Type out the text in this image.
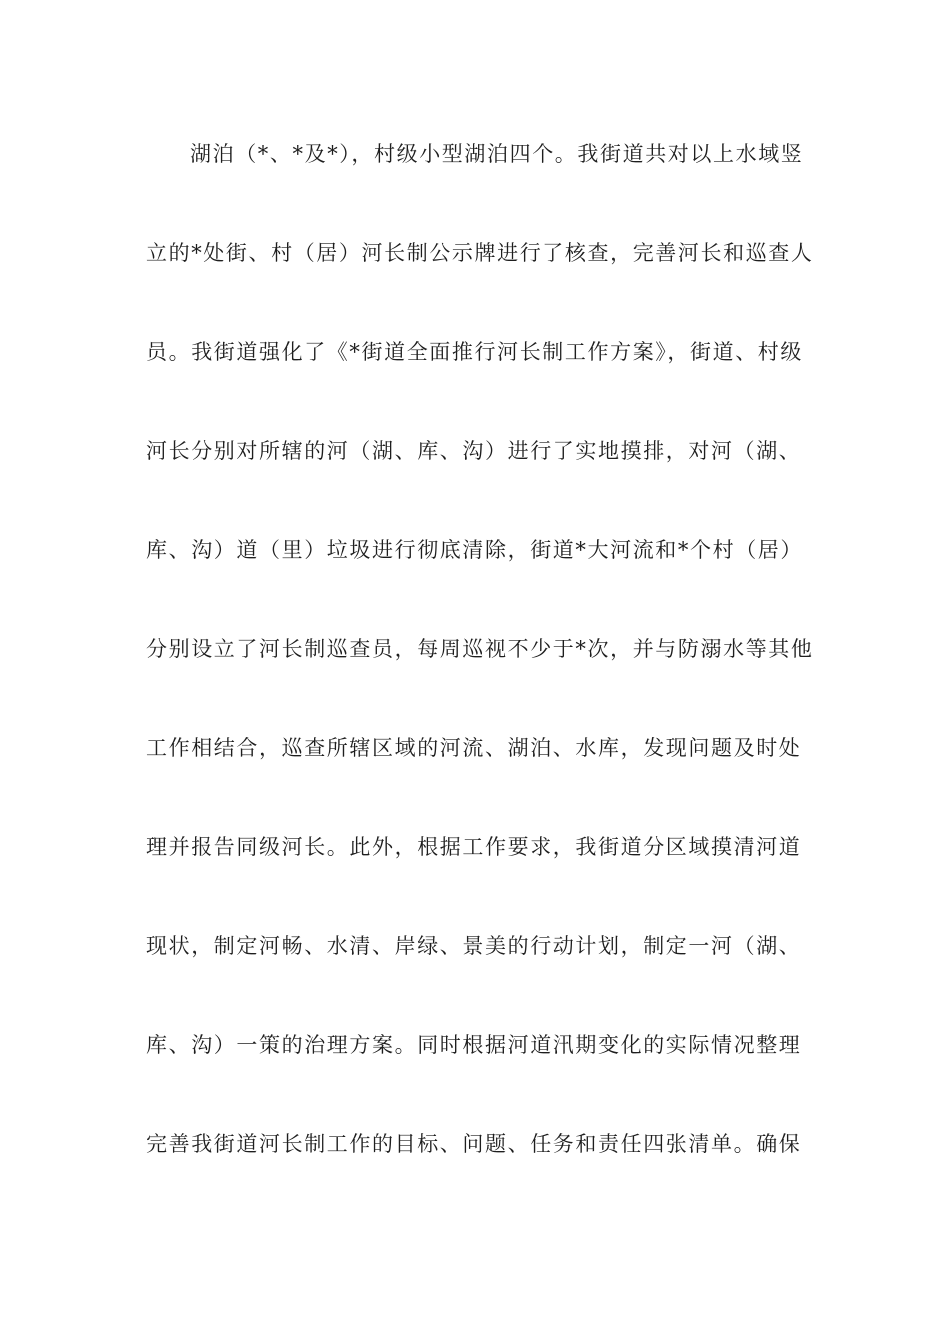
湖泊（*、*及*），村级小型湖泊四个。我街道共对以上水域竖
立的*处街、村（居）河长制公示牌进行了核查，完善河长和巡查人
员。我街道强化了《*街道全面推行河长制工作方案》，街道、村级
河长分别对所辖的河（湖、库、沟）进行了实地摸排，对河（湖、
库、沟）道（里）垃圾进行彻底清除，街道*大河流和*个村（居）
分别设立了河长制巡查员，每周巡视不少于*次，并与防溺水等其他
工作相结合，巡查所辖区域的河流、湖泊、水库，发现问题及时处
理并报告同级河长。此外，根据工作要求，我街道分区域摸清河道
现状，制定河畅、水清、岸绿、景美的行动计划，制定一河（湖、
库、沟）一策的治理方案。同时根据河道汛期变化的实际情况整理
完善我街道河长制工作的目标、问题、任务和责任四张清单。确保
